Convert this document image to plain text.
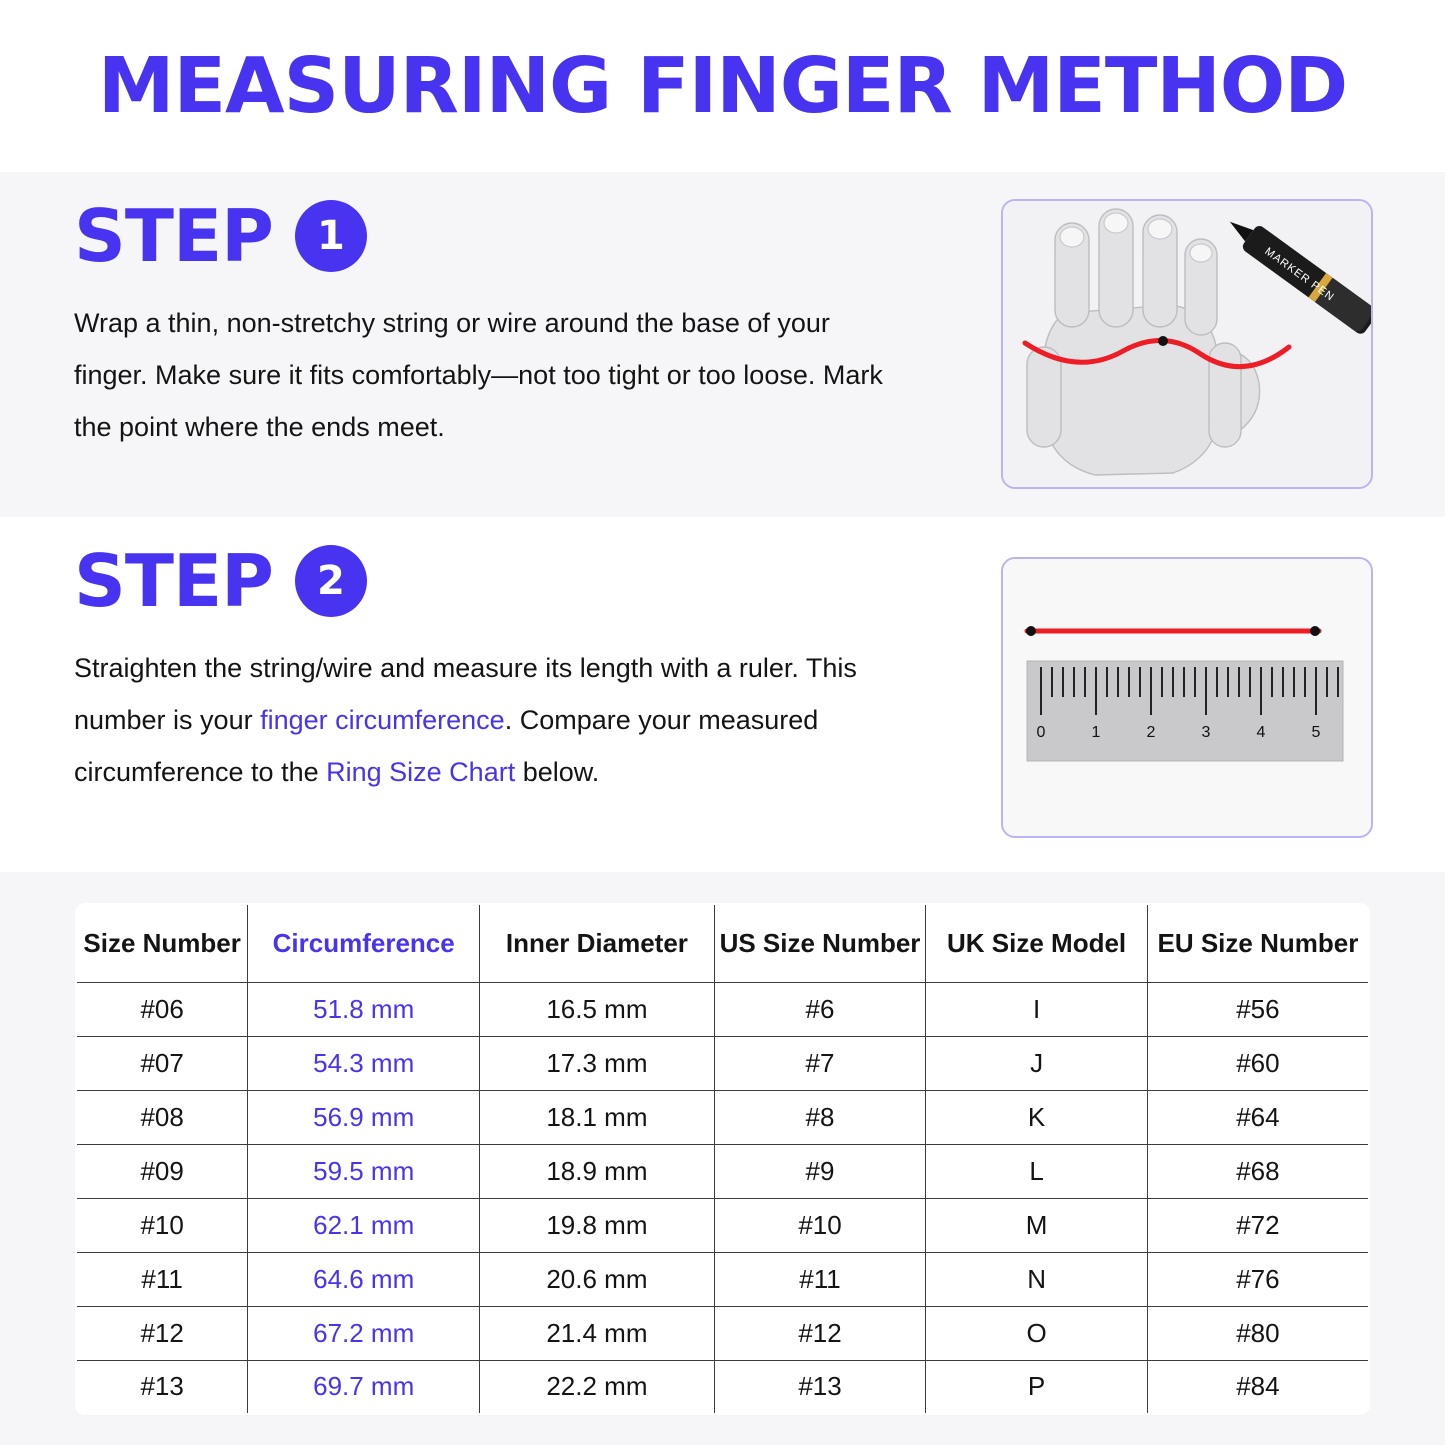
MEASURING FINGER METHOD
STEP	1
Wrap a thin, non-stretchy string or wire around the base of your finger. Make sure it fits comfortably—not too tight or too loose. Mark the point where the ends meet.
MARKER PEN
STEP	2
Straighten the string/wire and measure its length with a ruler. This number is your finger circumference. Compare your measured circumference to the Ring Size Chart below.
0	1	2	3	4	5
Size Number	Circumference	Inner Diameter	US Size Number	UK Size Model	EU Size Number
#06	51.8 mm	16.5 mm	#6	I	#56
#07	54.3 mm	17.3 mm	#7	J	#60
#08	56.9 mm	18.1 mm	#8	K	#64
#09	59.5 mm	18.9 mm	#9	L	#68
#10	62.1 mm	19.8 mm	#10	M	#72
#11	64.6 mm	20.6 mm	#11	N	#76
#12	67.2 mm	21.4 mm	#12	O	#80
#13	69.7 mm	22.2 mm	#13	P	#84
